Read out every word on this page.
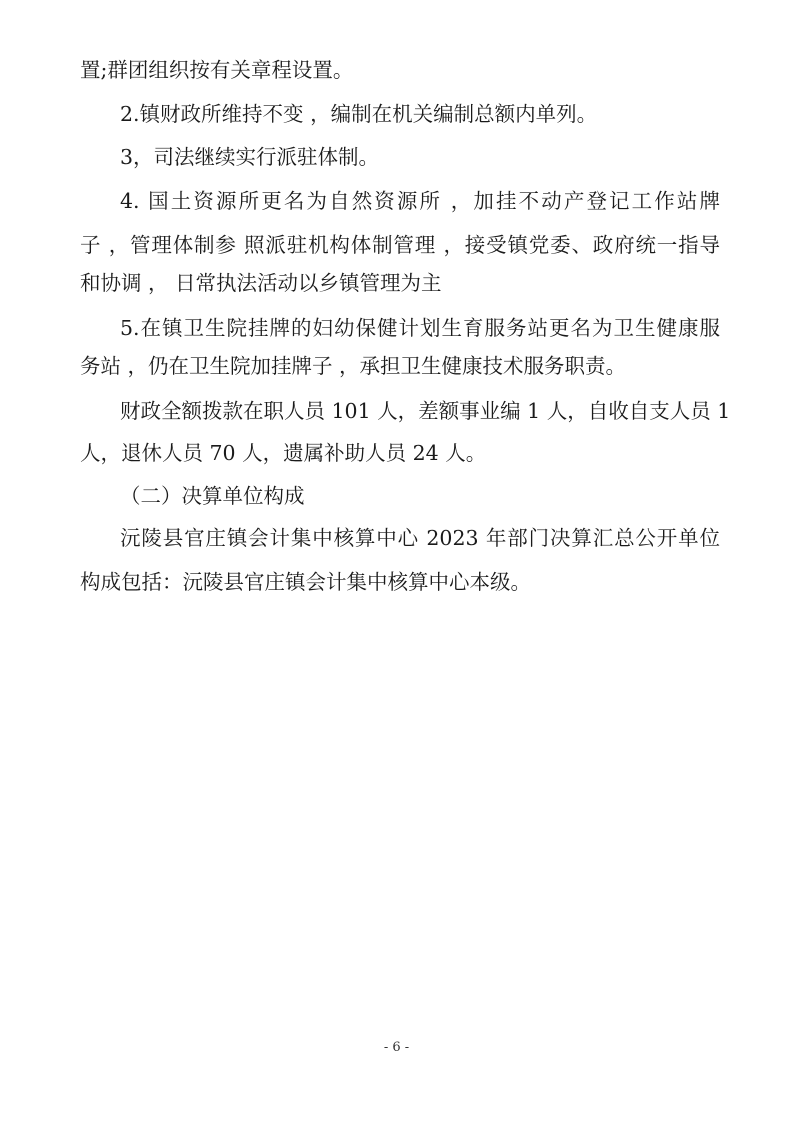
置;群团组织按有关章程设置。

2.镇财政所维持不变 ，编制在机关编制总额内单列。

3，司法继续实行派驻体制。

4. 国土资源所更名为自然资源所 ，加挂不动产登记工作站牌

子 ，管理体制参 照派驻机构体制管理 ，接受镇党委、政府统一指导

和协调 ， 日常执法活动以乡镇管理为主

5.在镇卫生院挂牌的妇幼保健计划生育服务站更名为卫生健康服

务站 ，仍在卫生院加挂牌子 ，承担卫生健康技术服务职责。

财政全额拨款在职人员 101 人，差额事业编 1 人，自收自支人员 1

人，退休人员 70 人，遗属补助人员 24 人。

（二）决算单位构成

沅陵县官庄镇会计集中核算中心 2023 年部门决算汇总公开单位

构成包括：沅陵县官庄镇会计集中核算中心本级。

- 6 -
